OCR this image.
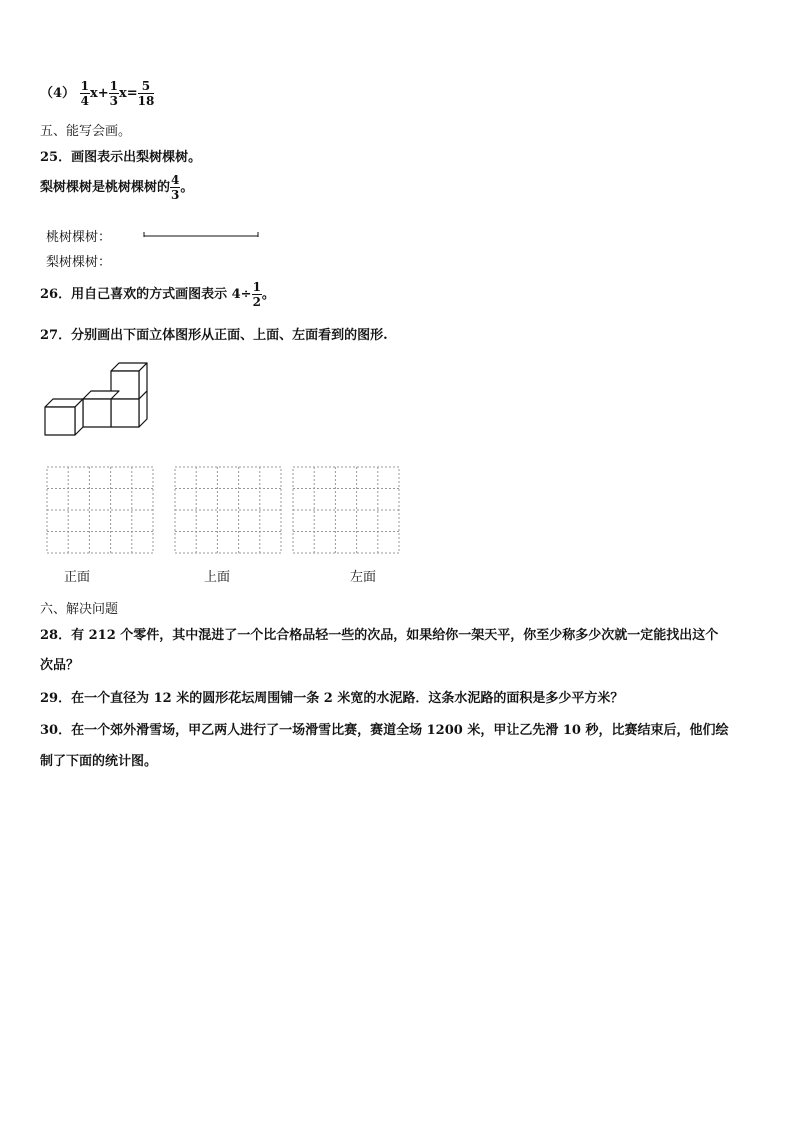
$(4) \frac{1}{4} x+ \frac{1}{3} x= \frac{5}{18}$
五、能写会画。
25．画图表示出梨树棵树。
梨树棵树是桃树棵树的 $\frac{4}{3}$ 。
桃树棵树：
梨树棵树：
26．用自己喜欢的方式画图表示 $4\div \frac{1}{2}$ 。
27．分别画出下面立体图形从正面、上面、左面看到的图形.
正面	上面	左面
六、解决问题
28．有 212 个零件，其中混进了一个比合格品轻一些的次品，如果给你一架天平，你至少称多少次就一定能找出这个
次品？
29．在一个直径为 12 米的圆形花坛周围铺一条 2 米宽的水泥路．这条水泥路的面积是多少平方米？
30．在一个郊外滑雪场，甲乙两人进行了一场滑雪比赛，赛道全场 1200 米，甲让乙先滑 10 秒，比赛结束后，他们绘
制了下面的统计图。
